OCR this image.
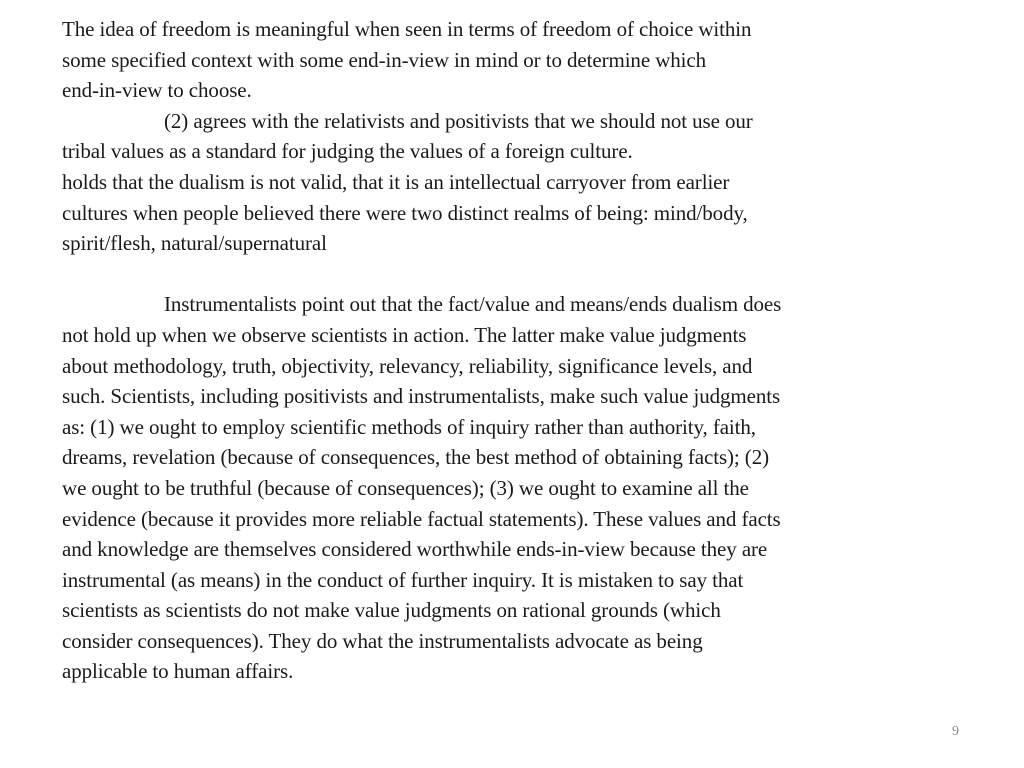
The idea of freedom is meaningful when seen in terms of freedom of choice within
some specified context with some end-in-view in mind or to determine which
end-in-view to choose.
(2) agrees with the relativists and positivists that we should not use our
tribal values as a standard for judging the values of a foreign culture.
holds that the dualism is not valid, that it is an intellectual carryover from earlier
cultures when people believed there were two distinct realms of being: mind/body,
spirit/flesh, natural/supernatural
Instrumentalists point out that the fact/value and means/ends dualism does
not hold up when we observe scientists in action. The latter make value judgments
about methodology, truth, objectivity, relevancy, reliability, significance levels, and
such. Scientists, including positivists and instrumentalists, make such value judgments
as: (1) we ought to employ scientific methods of inquiry rather than authority, faith,
dreams, revelation (because of consequences, the best method of obtaining facts); (2)
we ought to be truthful (because of consequences); (3) we ought to examine all the
evidence (because it provides more reliable factual statements). These values and facts
and knowledge are themselves considered worthwhile ends-in-view because they are
instrumental (as means) in the conduct of further inquiry. It is mistaken to say that
scientists as scientists do not make value judgments on rational grounds (which
consider consequences). They do what the instrumentalists advocate as being
applicable to human affairs.
9
